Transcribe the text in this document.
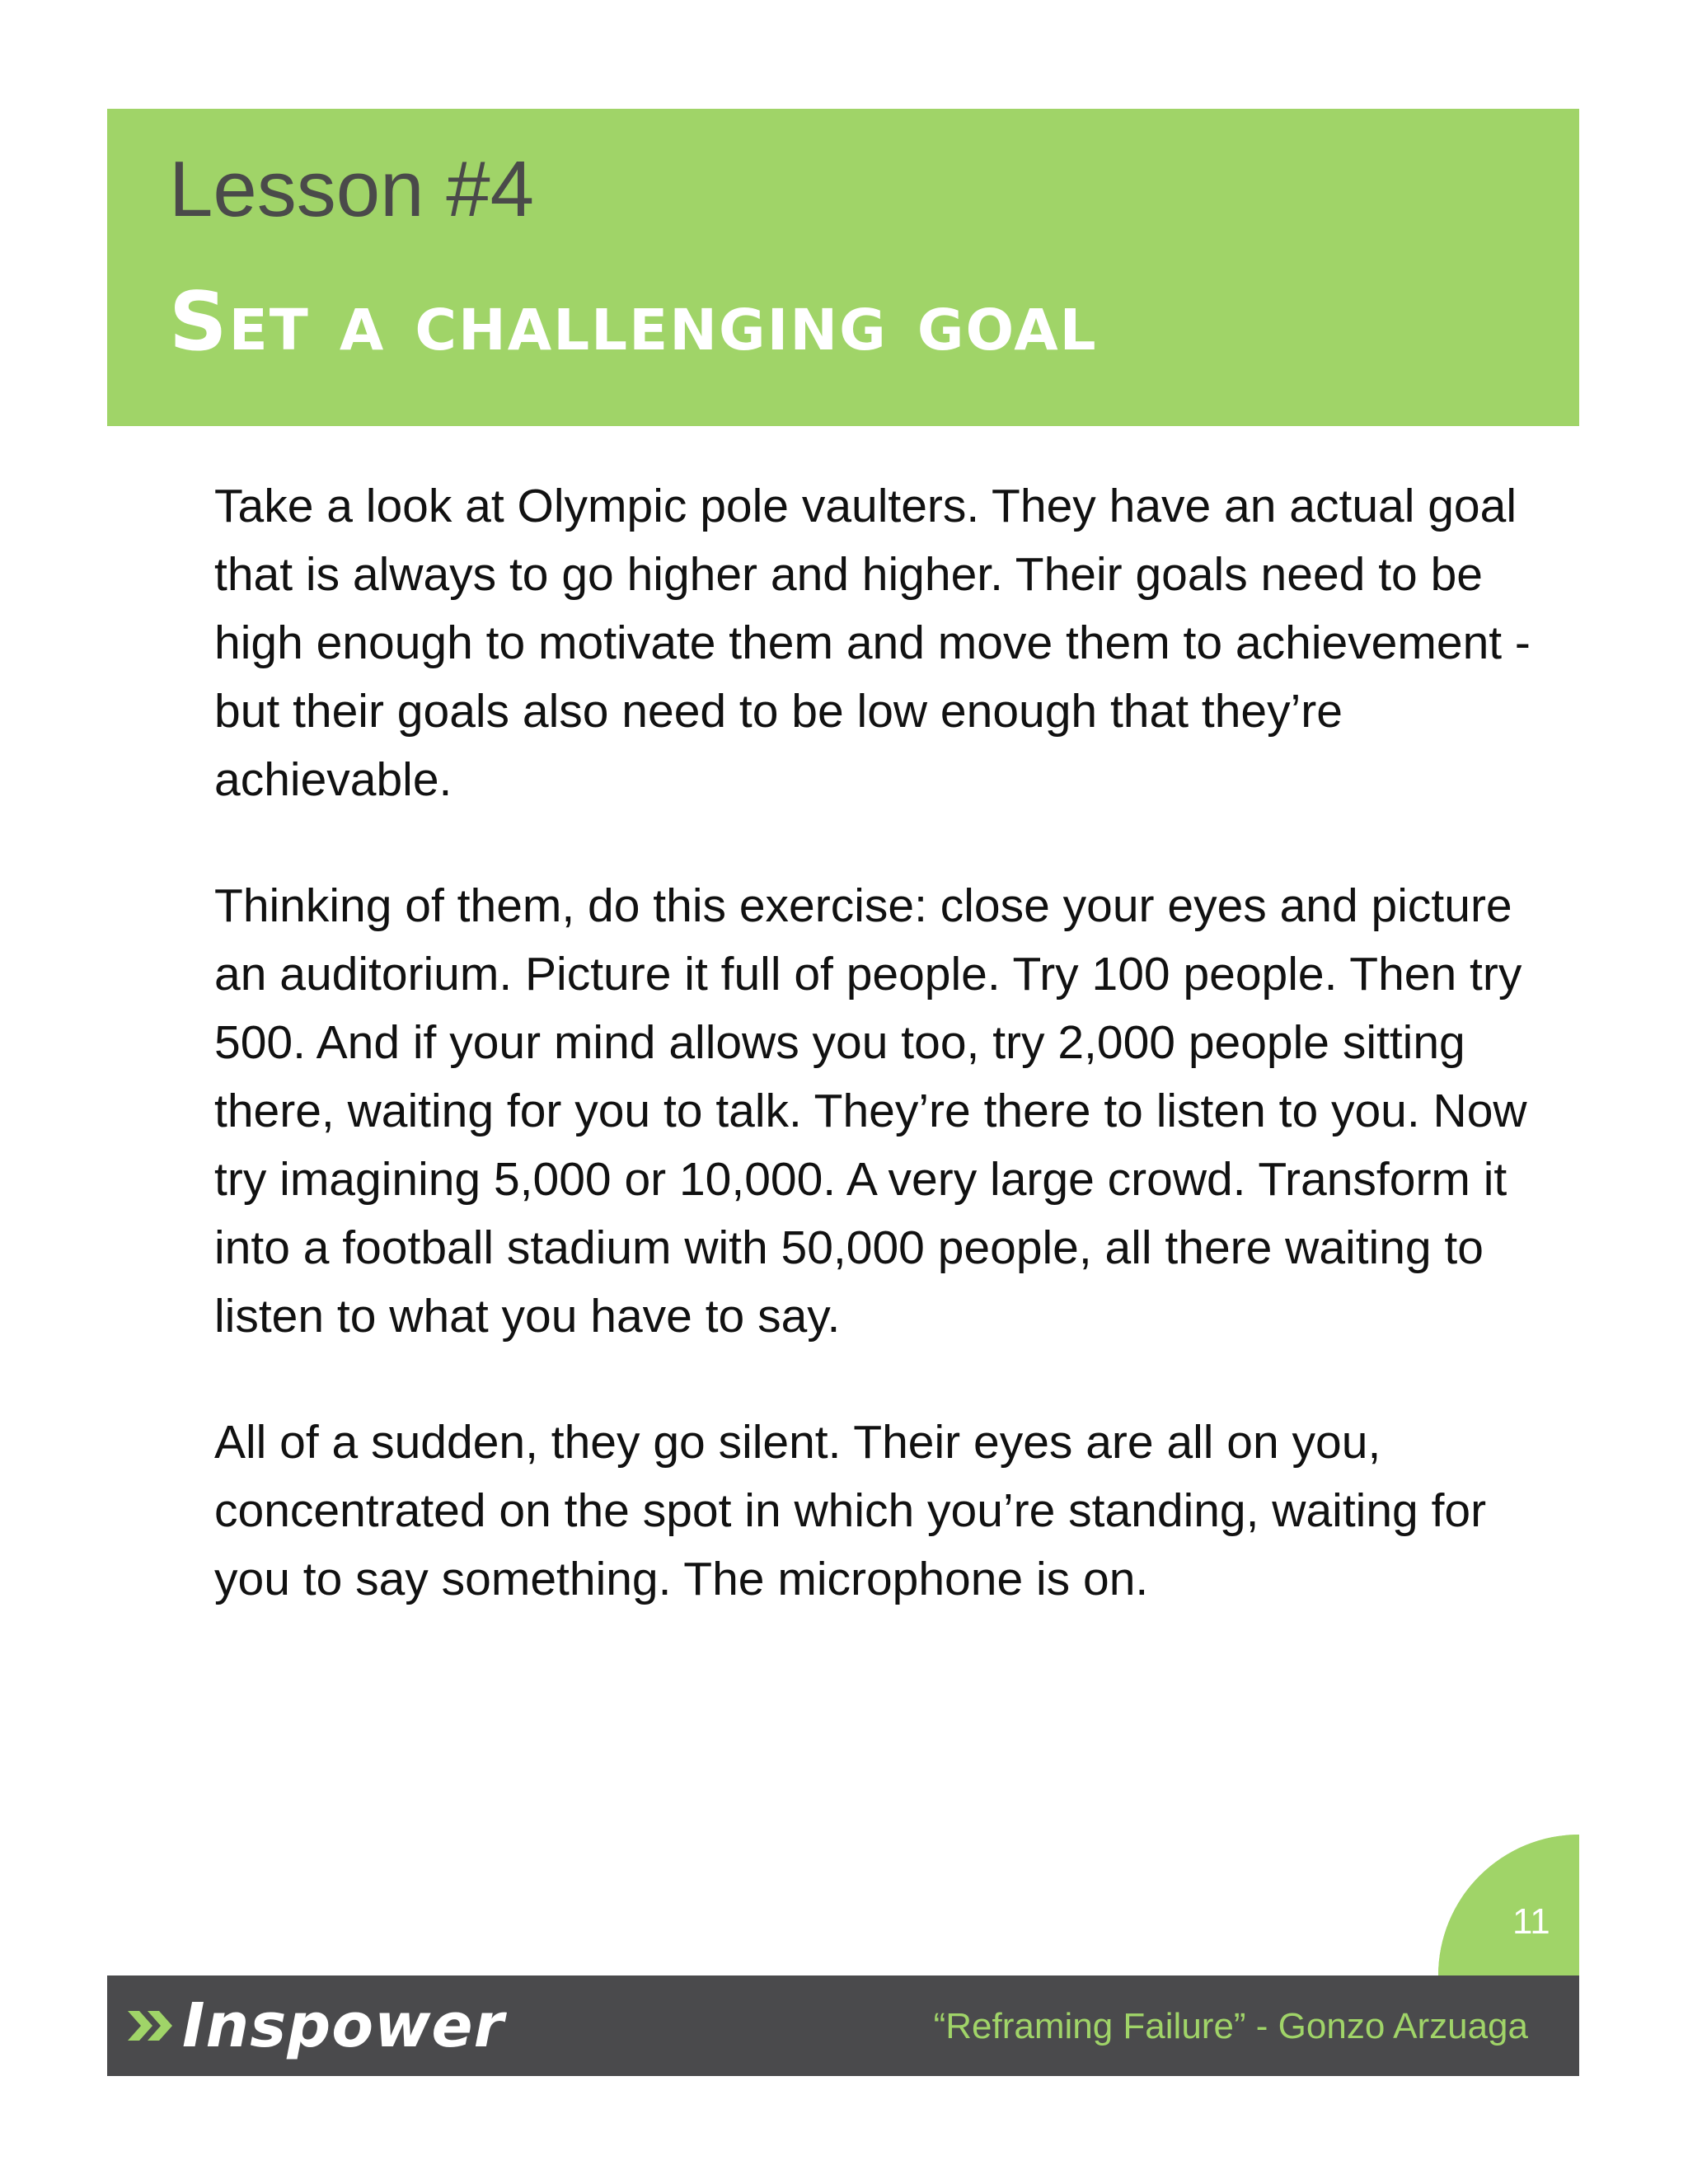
Lesson #4
Set a challenging goal

Take a look at Olympic pole vaulters. They have an actual goal that is always to go higher and higher. Their goals need to be high enough to motivate them and move them to achievement - but their goals also need to be low enough that they’re achievable.

Thinking of them, do this exercise: close your eyes and picture an auditorium. Picture it full of people. Try 100 people. Then try 500. And if your mind allows you too, try 2,000 people sitting there, waiting for you to talk. They’re there to listen to you. Now try imagining 5,000 or 10,000. A very large crowd. Transform it into a football stadium with 50,000 people, all there waiting to listen to what you have to say.

All of a sudden, they go silent. Their eyes are all on you, concentrated on the spot in which you’re standing, waiting for you to say something. The microphone is on.

11
Inspower	“Reframing Failure” - Gonzo Arzuaga
